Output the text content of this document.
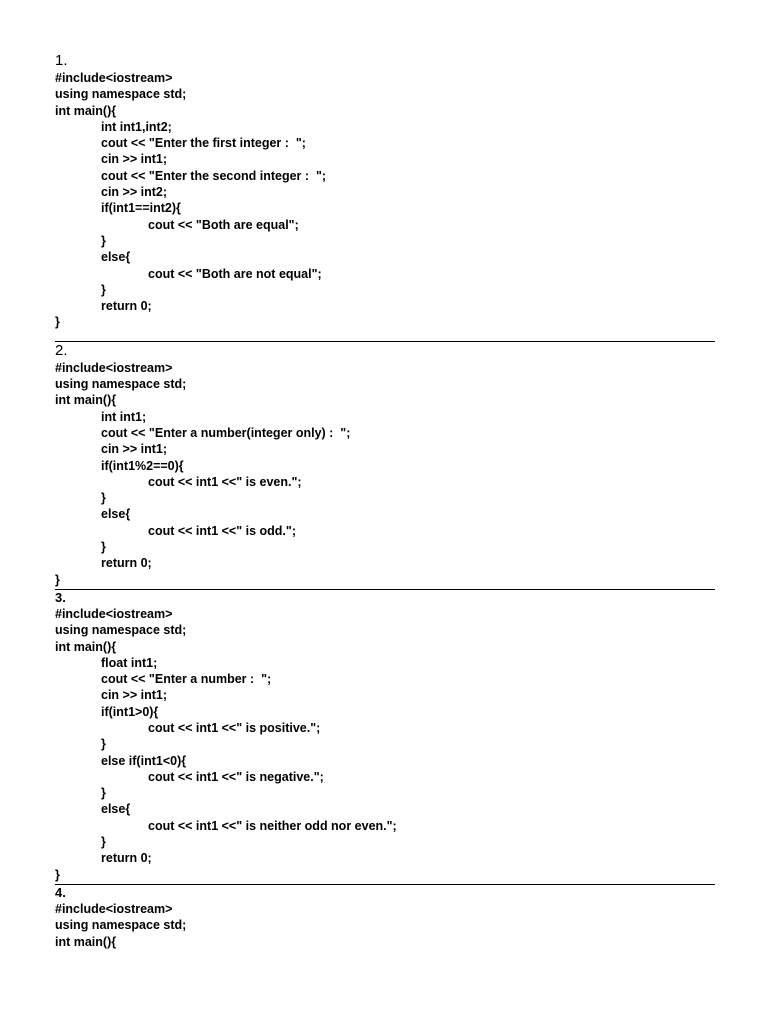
1.
#include<iostream>
using namespace std;
int main(){
int int1,int2;
cout << "Enter the first integer :  ";
cin >> int1;
cout << "Enter the second integer :  ";
cin >> int2;
if(int1==int2){
cout << "Both are equal";
}
else{
cout << "Both are not equal";
}
return 0;
}
2.
#include<iostream>
using namespace std;
int main(){
int int1;
cout << "Enter a number(integer only) :  ";
cin >> int1;
if(int1%2==0){
cout << int1 <<" is even.";
}
else{
cout << int1 <<" is odd.";
}
return 0;
}
3.
#include<iostream>
using namespace std;
int main(){
float int1;
cout << "Enter a number :  ";
cin >> int1;
if(int1>0){
cout << int1 <<" is positive.";
}
else if(int1<0){
cout << int1 <<" is negative.";
}
else{
cout << int1 <<" is neither odd nor even.";
}
return 0;
}
4.
#include<iostream>
using namespace std;
int main(){
